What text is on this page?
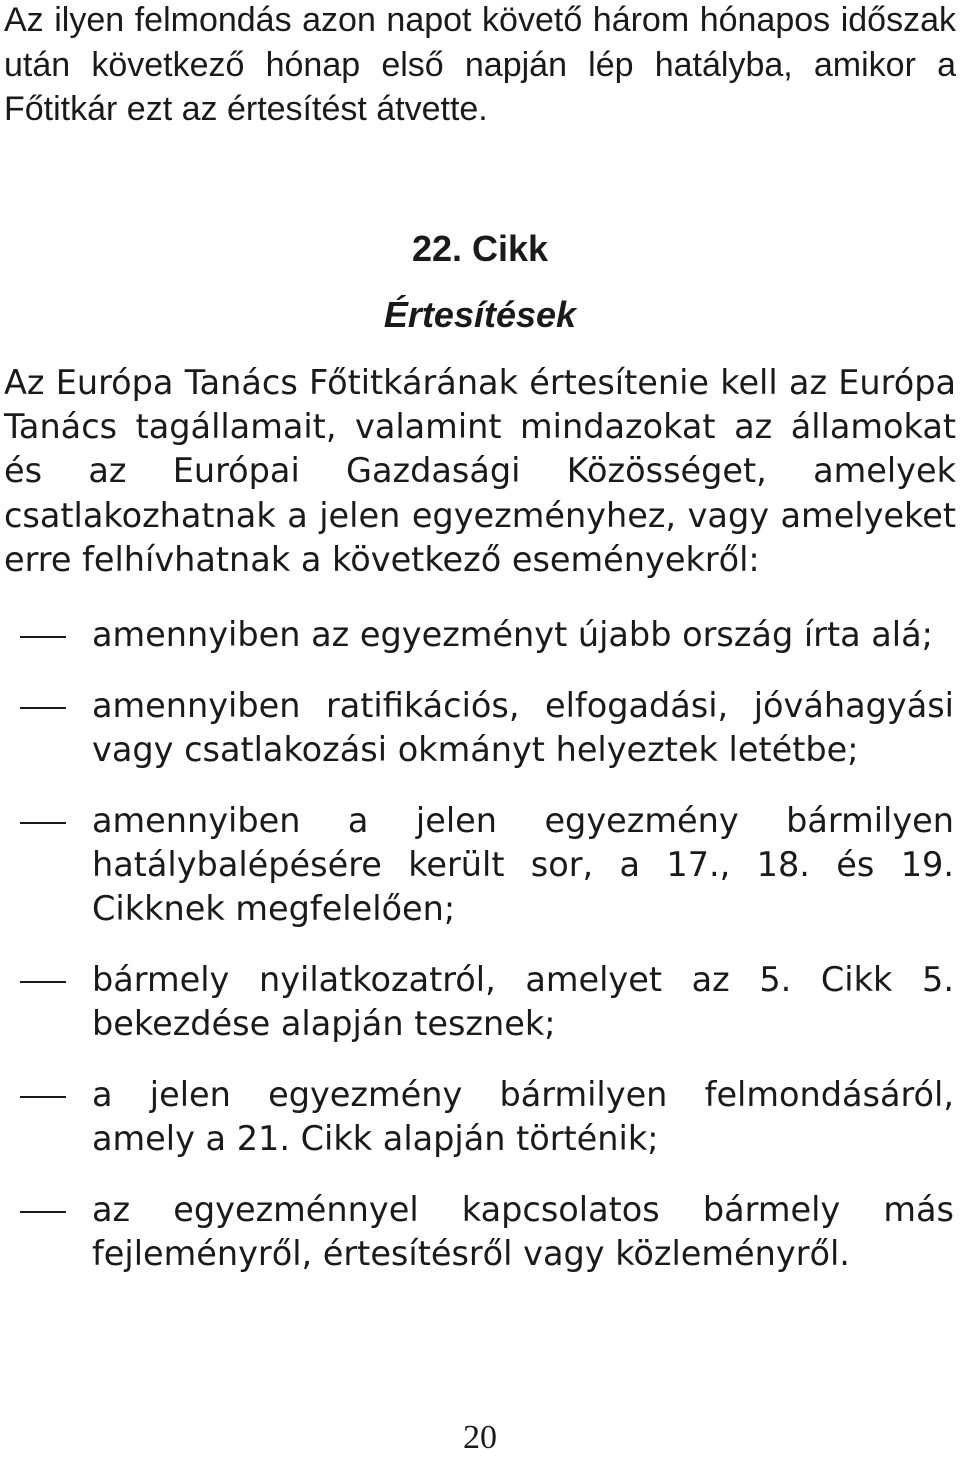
Az ilyen felmondás azon napot követő három hónapos időszak után következő hónap első napján lép hatályba, amikor a Főtitkár ezt az értesítést átvette.

22. Cikk
Értesítések

Az Európa Tanács Főtitkárának értesítenie kell az Európa Tanács tagállamait, valamint mindazokat az államokat és az Európai Gazdasági Közösséget, amelyek csatlakozhatnak a jelen egyezményhez, vagy amelyeket erre felhívhatnak a következő eseményekről:

amennyiben az egyezményt újabb ország írta alá;
amennyiben ratifikációs, elfogadási, jóváhagyási vagy csatlakozási okmányt helyeztek letétbe;
amennyiben a jelen egyezmény bármilyen hatálybalépésére került sor, a 17., 18. és 19. Cikknek megfelelően;
bármely nyilatkozatról, amelyet az 5. Cikk 5. bekezdése alapján tesznek;
a jelen egyezmény bármilyen felmondásáról, amely a 21. Cikk alapján történik;
az egyezménnyel kapcsolatos bármely más fejleményről, értesítésről vagy közleményről.
20
